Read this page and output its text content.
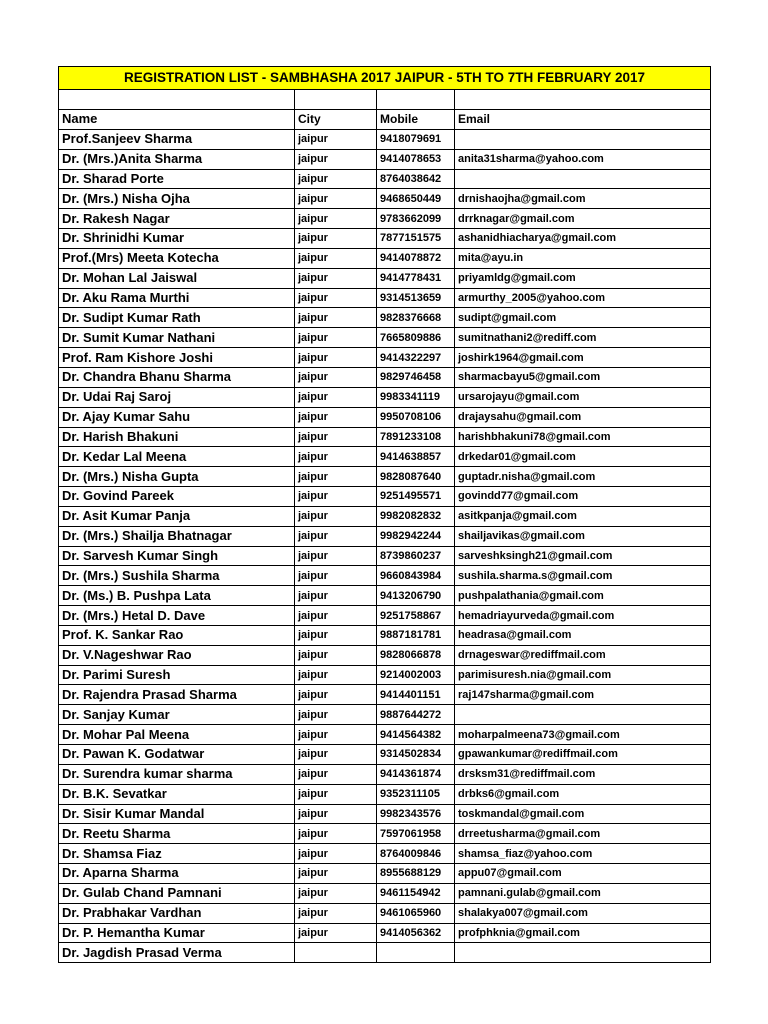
REGISTRATION LIST - SAMBHASHA 2017 JAIPUR - 5TH TO 7TH FEBRUARY 2017			

Name	City	Mobile	Email
Prof.Sanjeev Sharma	jaipur	9418079691	
Dr. (Mrs.)Anita Sharma	jaipur	9414078653	anita31sharma@yahoo.com
Dr. Sharad Porte	jaipur	8764038642	
Dr. (Mrs.) Nisha Ojha	jaipur	9468650449	drnishaojha@gmail.com
Dr. Rakesh Nagar	jaipur	9783662099	drrknagar@gmail.com
Dr. Shrinidhi Kumar	jaipur	7877151575	ashanidhiacharya@gmail.com
Prof.(Mrs) Meeta Kotecha	jaipur	9414078872	mita@ayu.in
Dr. Mohan Lal Jaiswal	jaipur	9414778431	priyamldg@gmail.com
Dr. Aku Rama Murthi	jaipur	9314513659	armurthy_2005@yahoo.com
Dr. Sudipt Kumar Rath	jaipur	9828376668	sudipt@gmail.com
Dr. Sumit Kumar Nathani	jaipur	7665809886	sumitnathani2@rediff.com
Prof. Ram Kishore Joshi	jaipur	9414322297	joshirk1964@gmail.com
Dr. Chandra Bhanu Sharma	jaipur	9829746458	sharmacbayu5@gmail.com
Dr. Udai Raj Saroj	jaipur	9983341119	ursarojayu@gmail.com
Dr. Ajay Kumar Sahu	jaipur	9950708106	drajaysahu@gmail.com
Dr. Harish Bhakuni	jaipur	7891233108	harishbhakuni78@gmail.com
Dr. Kedar Lal Meena	jaipur	9414638857	drkedar01@gmail.com
Dr. (Mrs.) Nisha Gupta	jaipur	9828087640	guptadr.nisha@gmail.com
Dr. Govind Pareek	jaipur	9251495571	govindd77@gmail.com
Dr. Asit Kumar Panja	jaipur	9982082832	asitkpanja@gmail.com
Dr. (Mrs.) Shailja Bhatnagar	jaipur	9982942244	shailjavikas@gmail.com
Dr. Sarvesh Kumar Singh	jaipur	8739860237	sarveshksingh21@gmail.com
Dr. (Mrs.) Sushila Sharma	jaipur	9660843984	sushila.sharma.s@gmail.com
Dr. (Ms.) B. Pushpa Lata	jaipur	9413206790	pushpalathania@gmail.com
Dr. (Mrs.) Hetal D. Dave	jaipur	9251758867	hemadriayurveda@gmail.com
Prof. K. Sankar Rao	jaipur	9887181781	headrasa@gmail.com
Dr. V.Nageshwar Rao	jaipur	9828066878	drnageswar@rediffmail.com
Dr. Parimi Suresh	jaipur	9214002003	parimisuresh.nia@gmail.com
Dr. Rajendra Prasad Sharma	jaipur	9414401151	raj147sharma@gmail.com
Dr. Sanjay Kumar	jaipur	9887644272	
Dr. Mohar Pal Meena	jaipur	9414564382	moharpalmeena73@gmail.com
Dr. Pawan K. Godatwar	jaipur	9314502834	gpawankumar@rediffmail.com
Dr. Surendra kumar sharma	jaipur	9414361874	drsksm31@rediffmail.com
Dr. B.K. Sevatkar	jaipur	9352311105	drbks6@gmail.com
Dr. Sisir Kumar Mandal	jaipur	9982343576	toskmandal@gmail.com
Dr. Reetu Sharma	jaipur	7597061958	drreetusharma@gmail.com
Dr. Shamsa Fiaz	jaipur	8764009846	shamsa_fiaz@yahoo.com
Dr. Aparna Sharma	jaipur	8955688129	appu07@gmail.com
Dr. Gulab Chand Pamnani	jaipur	9461154942	pamnani.gulab@gmail.com
Dr. Prabhakar Vardhan	jaipur	9461065960	shalakya007@gmail.com
Dr. P. Hemantha Kumar	jaipur	9414056362	profphknia@gmail.com
Dr. Jagdish Prasad Verma			
